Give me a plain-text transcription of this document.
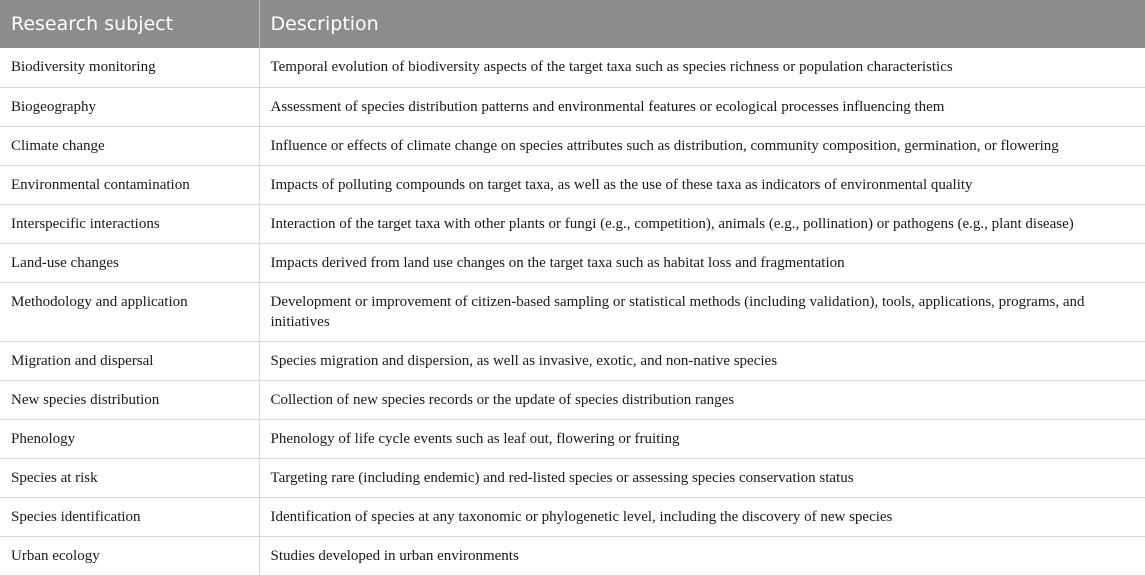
Research subject	Description
Biodiversity monitoring	Temporal evolution of biodiversity aspects of the target taxa such as species richness or population characteristics
Biogeography	Assessment of species distribution patterns and environmental features or ecological processes influencing them
Climate change	Influence or effects of climate change on species attributes such as distribution, community composition, germination, or flowering
Environmental contamination	Impacts of polluting compounds on target taxa, as well as the use of these taxa as indicators of environmental quality
Interspecific interactions	Interaction of the target taxa with other plants or fungi (e.g., competition), animals (e.g., pollination) or pathogens (e.g., plant disease)
Land-use changes	Impacts derived from land use changes on the target taxa such as habitat loss and fragmentation
Methodology and application	Development or improvement of citizen-based sampling or statistical methods (including validation), tools, applications, programs, and initiatives
Migration and dispersal	Species migration and dispersion, as well as invasive, exotic, and non-native species
New species distribution	Collection of new species records or the update of species distribution ranges
Phenology	Phenology of life cycle events such as leaf out, flowering or fruiting
Species at risk	Targeting rare (including endemic) and red-listed species or assessing species conservation status
Species identification	Identification of species at any taxonomic or phylogenetic level, including the discovery of new species
Urban ecology	Studies developed in urban environments
